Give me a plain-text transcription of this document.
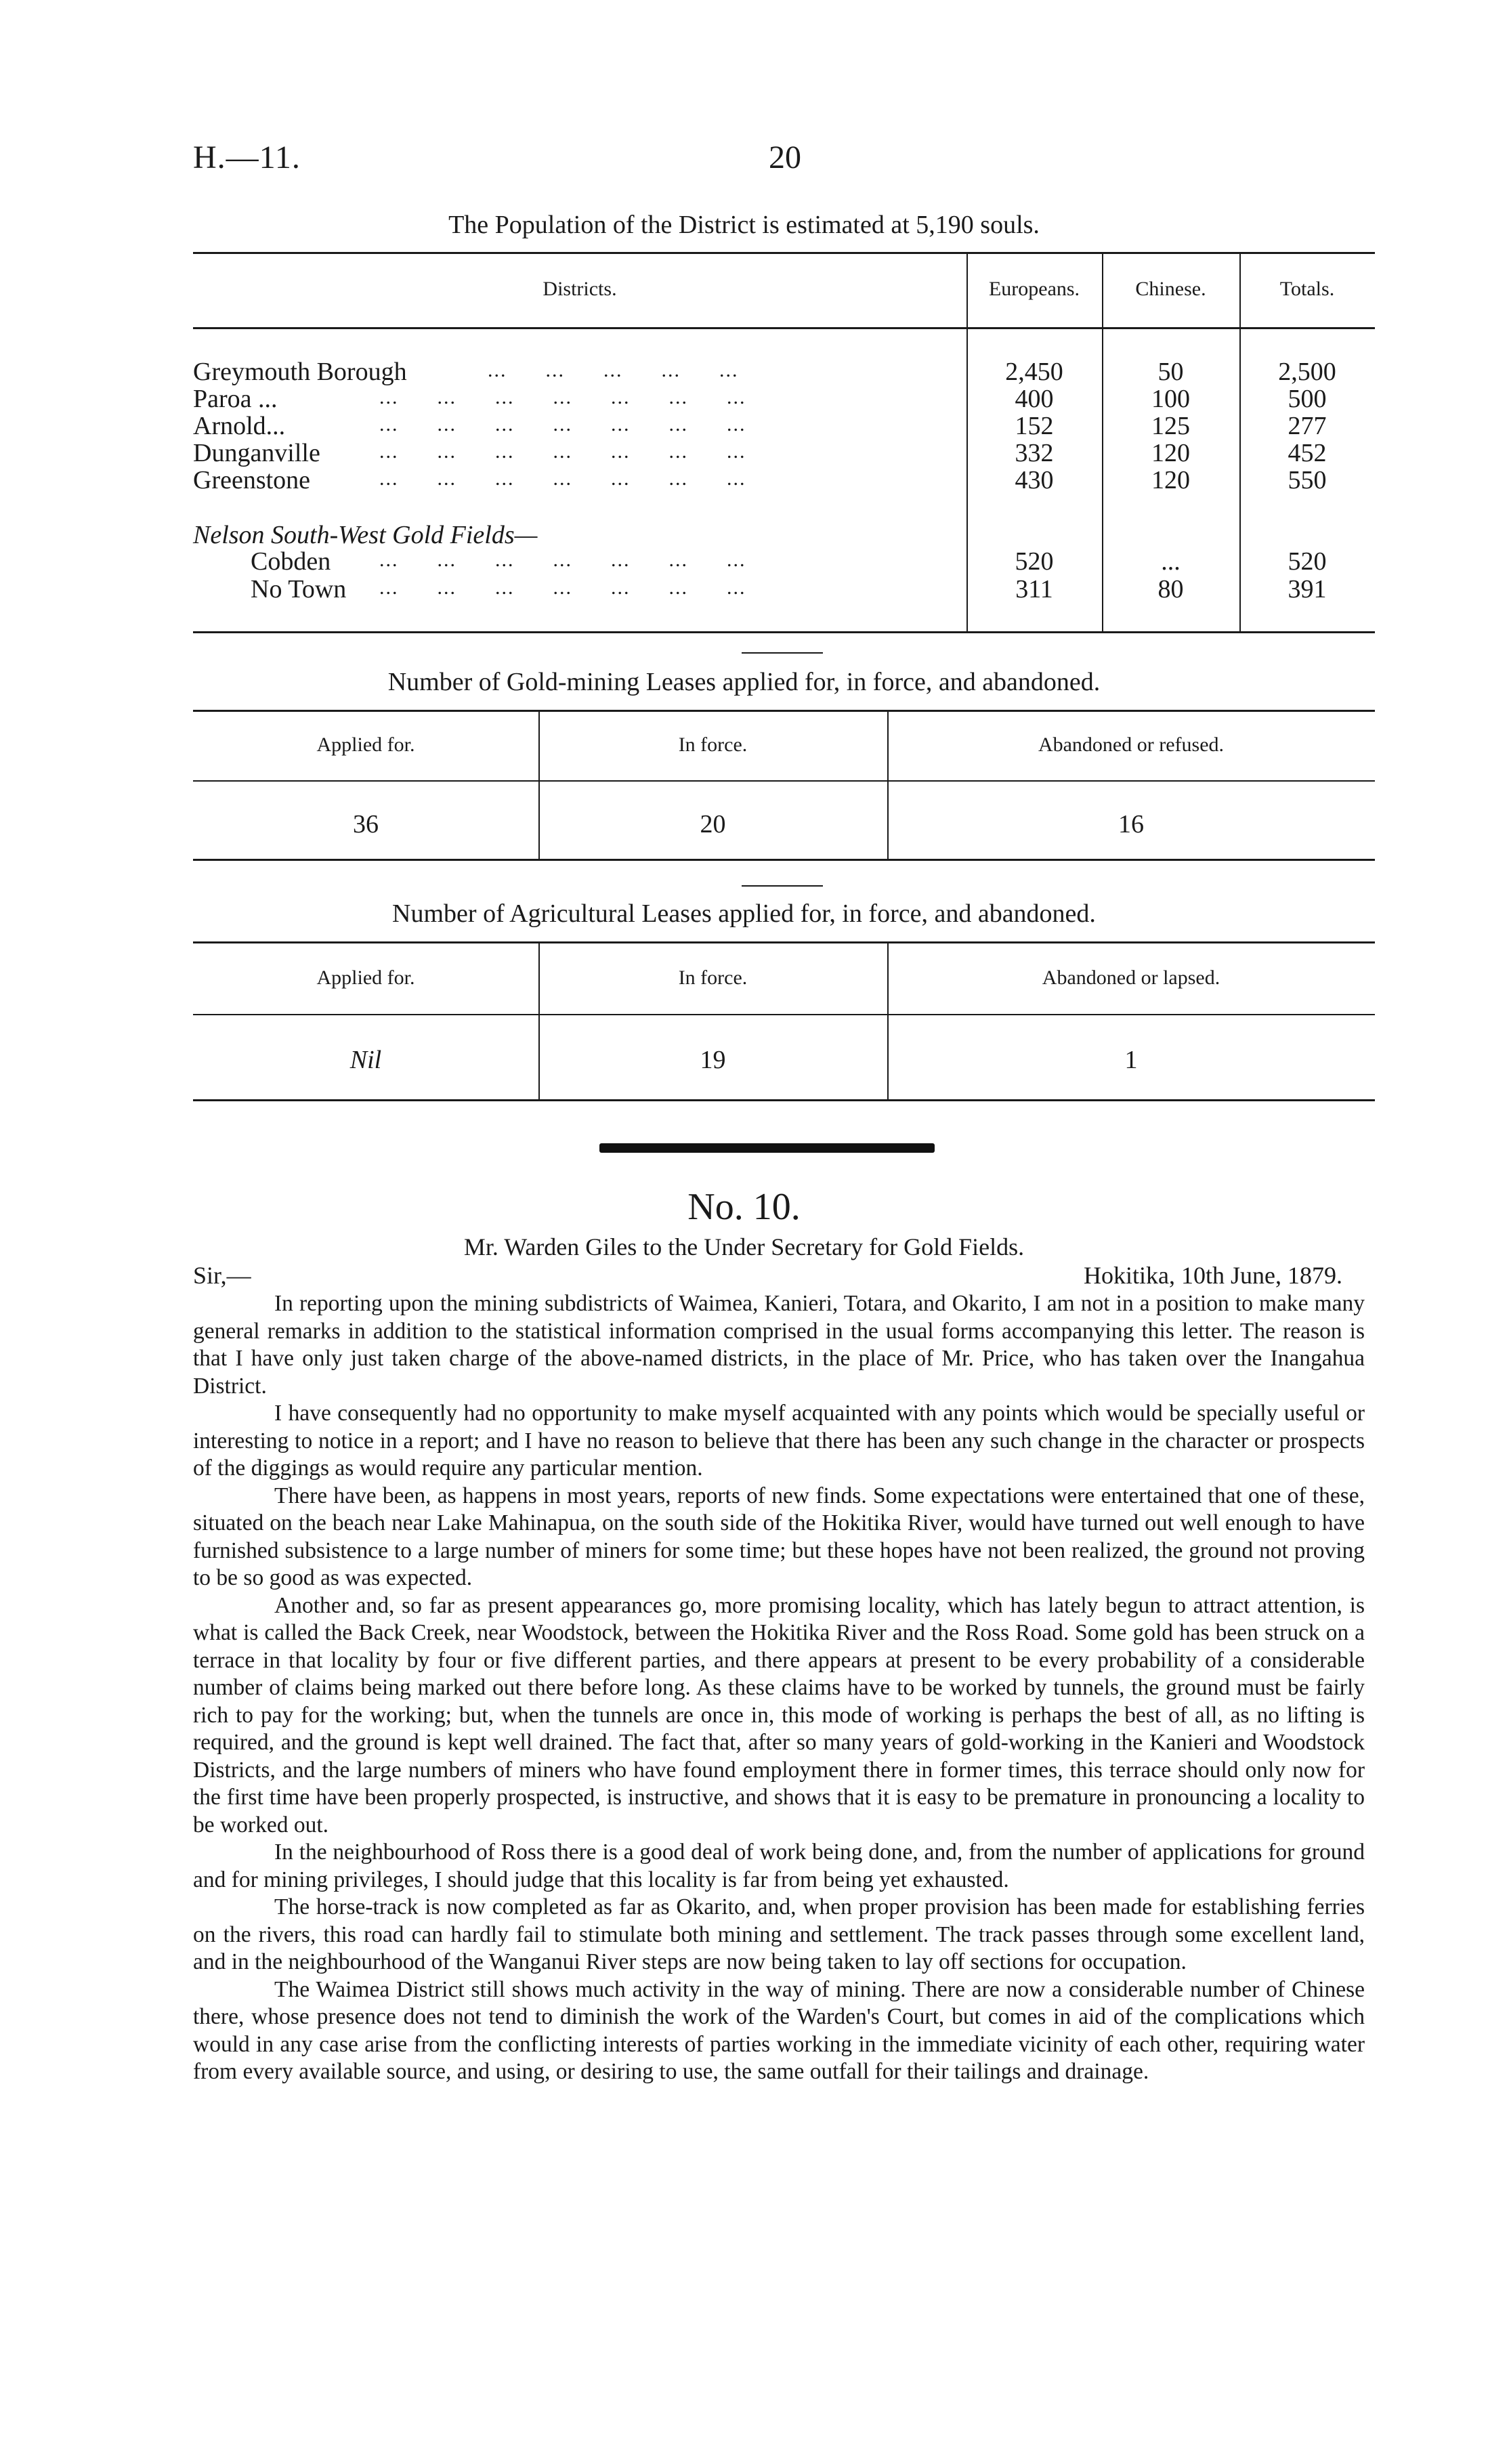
H.—11.	20
The Population of the District is estimated at 5,190 souls.
Districts.	Europeans.	Chinese.	Totals.
Greymouth Borough	...      ...      ...      ...      ...	2,450	50	2,500
Paroa ...	...      ...      ...      ...      ...      ...      ...	400	100	500
Arnold...	...      ...      ...      ...      ...      ...      ...	152	125	277
Dunganville	...      ...      ...      ...      ...      ...      ...	332	120	452
Greenstone	...      ...      ...      ...      ...      ...      ...	430	120	550
Nelson South-West Gold Fields—
Cobden ...      ...      ...      ...      ...      ...      ...	520	...	520
No Town ...      ...      ...      ...      ...      ...      ...	311	80	391
Number of Gold-mining Leases applied for, in force, and abandoned.
Applied for.	In force.	Abandoned or refused.
36	20	16
Number of Agricultural Leases applied for, in force, and abandoned.
Applied for.	In force.	Abandoned or lapsed.
Nil	19	1
No. 10.
Mr. Warden Giles to the Under Secretary for Gold Fields.
Sir,—	Hokitika, 10th June, 1879.

In reporting upon the mining subdistricts of Waimea, Kanieri, Totara, and Okarito, I am not in a position to make many general remarks in addition to the statistical information comprised in the usual forms accompanying this letter. The reason is that I have only just taken charge of the above-named districts, in the place of Mr. Price, who has taken over the Inangahua District.

I have consequently had no opportunity to make myself acquainted with any points which would be specially useful or interesting to notice in a report; and I have no reason to believe that there has been any such change in the character or prospects of the diggings as would require any particular mention.

There have been, as happens in most years, reports of new finds. Some expectations were entertained that one of these, situated on the beach near Lake Mahinapua, on the south side of the Hokitika River, would have turned out well enough to have furnished subsistence to a large number of miners for some time; but these hopes have not been realized, the ground not proving to be so good as was expected.

Another and, so far as present appearances go, more promising locality, which has lately begun to attract attention, is what is called the Back Creek, near Woodstock, between the Hokitika River and the Ross Road. Some gold has been struck on a terrace in that locality by four or five different parties, and there appears at present to be every probability of a considerable number of claims being marked out there before long. As these claims have to be worked by tunnels, the ground must be fairly rich to pay for the working; but, when the tunnels are once in, this mode of working is perhaps the best of all, as no lifting is required, and the ground is kept well drained. The fact that, after so many years of gold-working in the Kanieri and Woodstock Districts, and the large numbers of miners who have found employment there in former times, this terrace should only now for the first time have been properly prospected, is instructive, and shows that it is easy to be premature in pronouncing a locality to be worked out.

In the neighbourhood of Ross there is a good deal of work being done, and, from the number of applications for ground and for mining privileges, I should judge that this locality is far from being yet exhausted.

The horse-track is now completed as far as Okarito, and, when proper provision has been made for establishing ferries on the rivers, this road can hardly fail to stimulate both mining and settlement. The track passes through some excellent land, and in the neighbourhood of the Wanganui River steps are now being taken to lay off sections for occupation.

The Waimea District still shows much activity in the way of mining. There are now a considerable number of Chinese there, whose presence does not tend to diminish the work of the Warden's Court, but comes in aid of the complications which would in any case arise from the conflicting interests of parties working in the immediate vicinity of each other, requiring water from every available source, and using, or desiring to use, the same outfall for their tailings and drainage.
